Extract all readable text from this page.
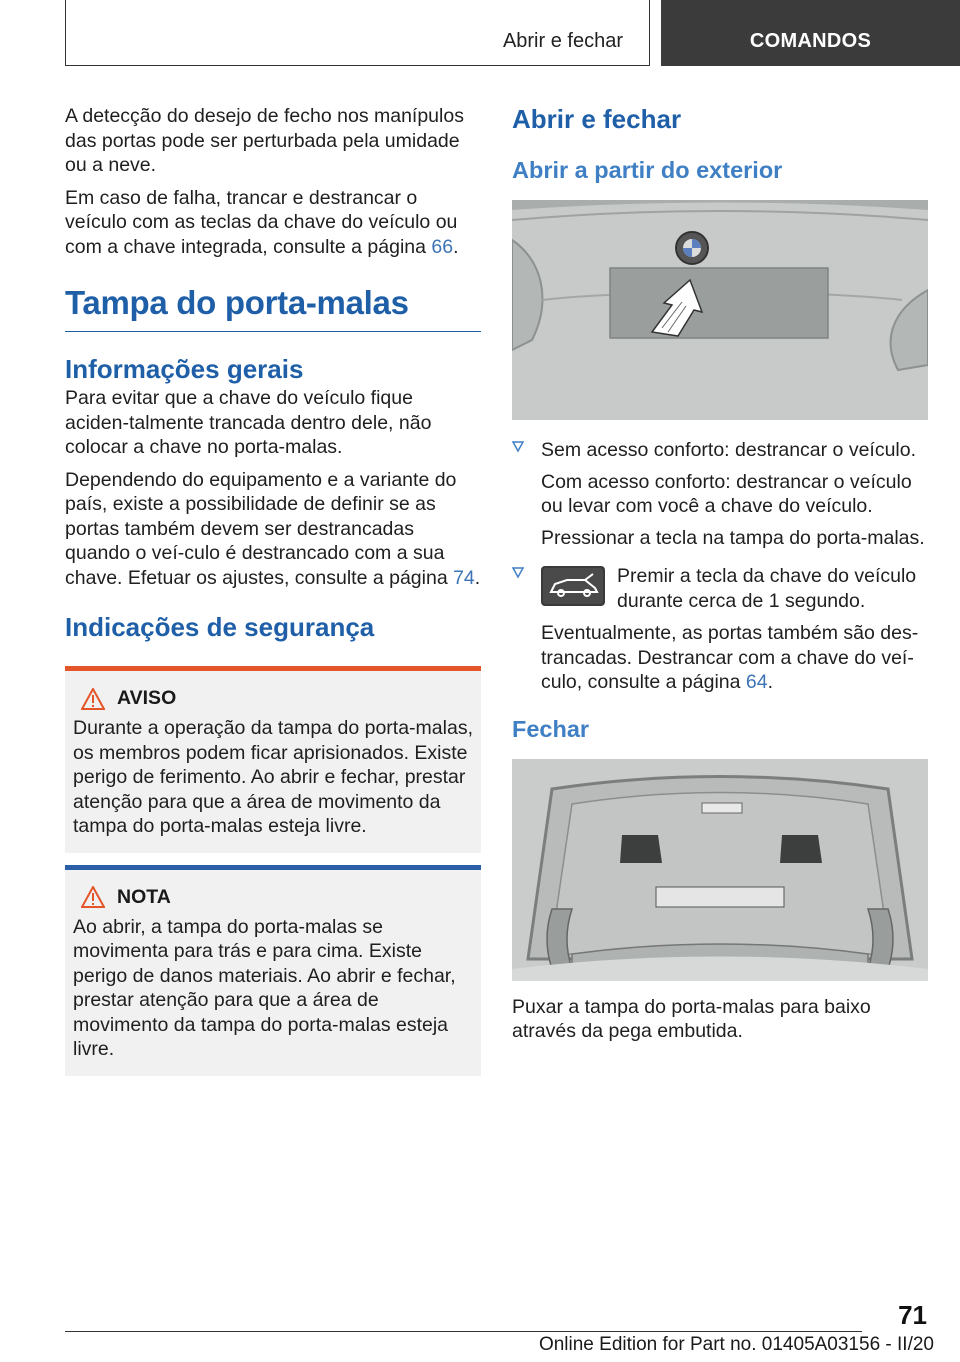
Abrir e fechar	COMANDOS

A detecção do desejo de fecho nos manípulos das portas pode ser perturbada pela umidade ou a neve.

Em caso de falha, trancar e destrancar o veículo com as teclas da chave do veículo ou com a chave integrada, consulte a página 66.

Tampa do porta-malas
Informações gerais

Para evitar que a chave do veículo fique aciden-talmente trancada dentro dele, não colocar a chave no porta-malas.

Dependendo do equipamento e a variante do país, existe a possibilidade de definir se as portas também devem ser destrancadas quando o veí-culo é destrancado com a sua chave. Efetuar os ajustes, consulte a página 74.

Indicações de segurança
AVISO

Durante a operação da tampa do porta-malas, os membros podem ficar aprisionados. Existe perigo de ferimento. Ao abrir e fechar, prestar atenção para que a área de movimento da tampa do porta-malas esteja livre.

NOTA

Ao abrir, a tampa do porta-malas se movimenta para trás e para cima. Existe perigo de danos materiais. Ao abrir e fechar, prestar atenção para que a área de movimento da tampa do porta-malas esteja livre.

Abrir e fechar
Abrir a partir do exterior

Sem acesso conforto: destrancar o veículo.

Com acesso conforto: destrancar o veículo ou levar com você a chave do veículo.

Pressionar a tecla na tampa do porta-malas.

Premir a tecla da chave do veículo durante cerca de 1 segundo.

Eventualmente, as portas também são des-trancadas. Destrancar com a chave do veí-culo, consulte a página 64.

Fechar

Puxar a tampa do porta-malas para baixo através da pega embutida.

71
Online Edition for Part no. 01405A03156 - II/20
